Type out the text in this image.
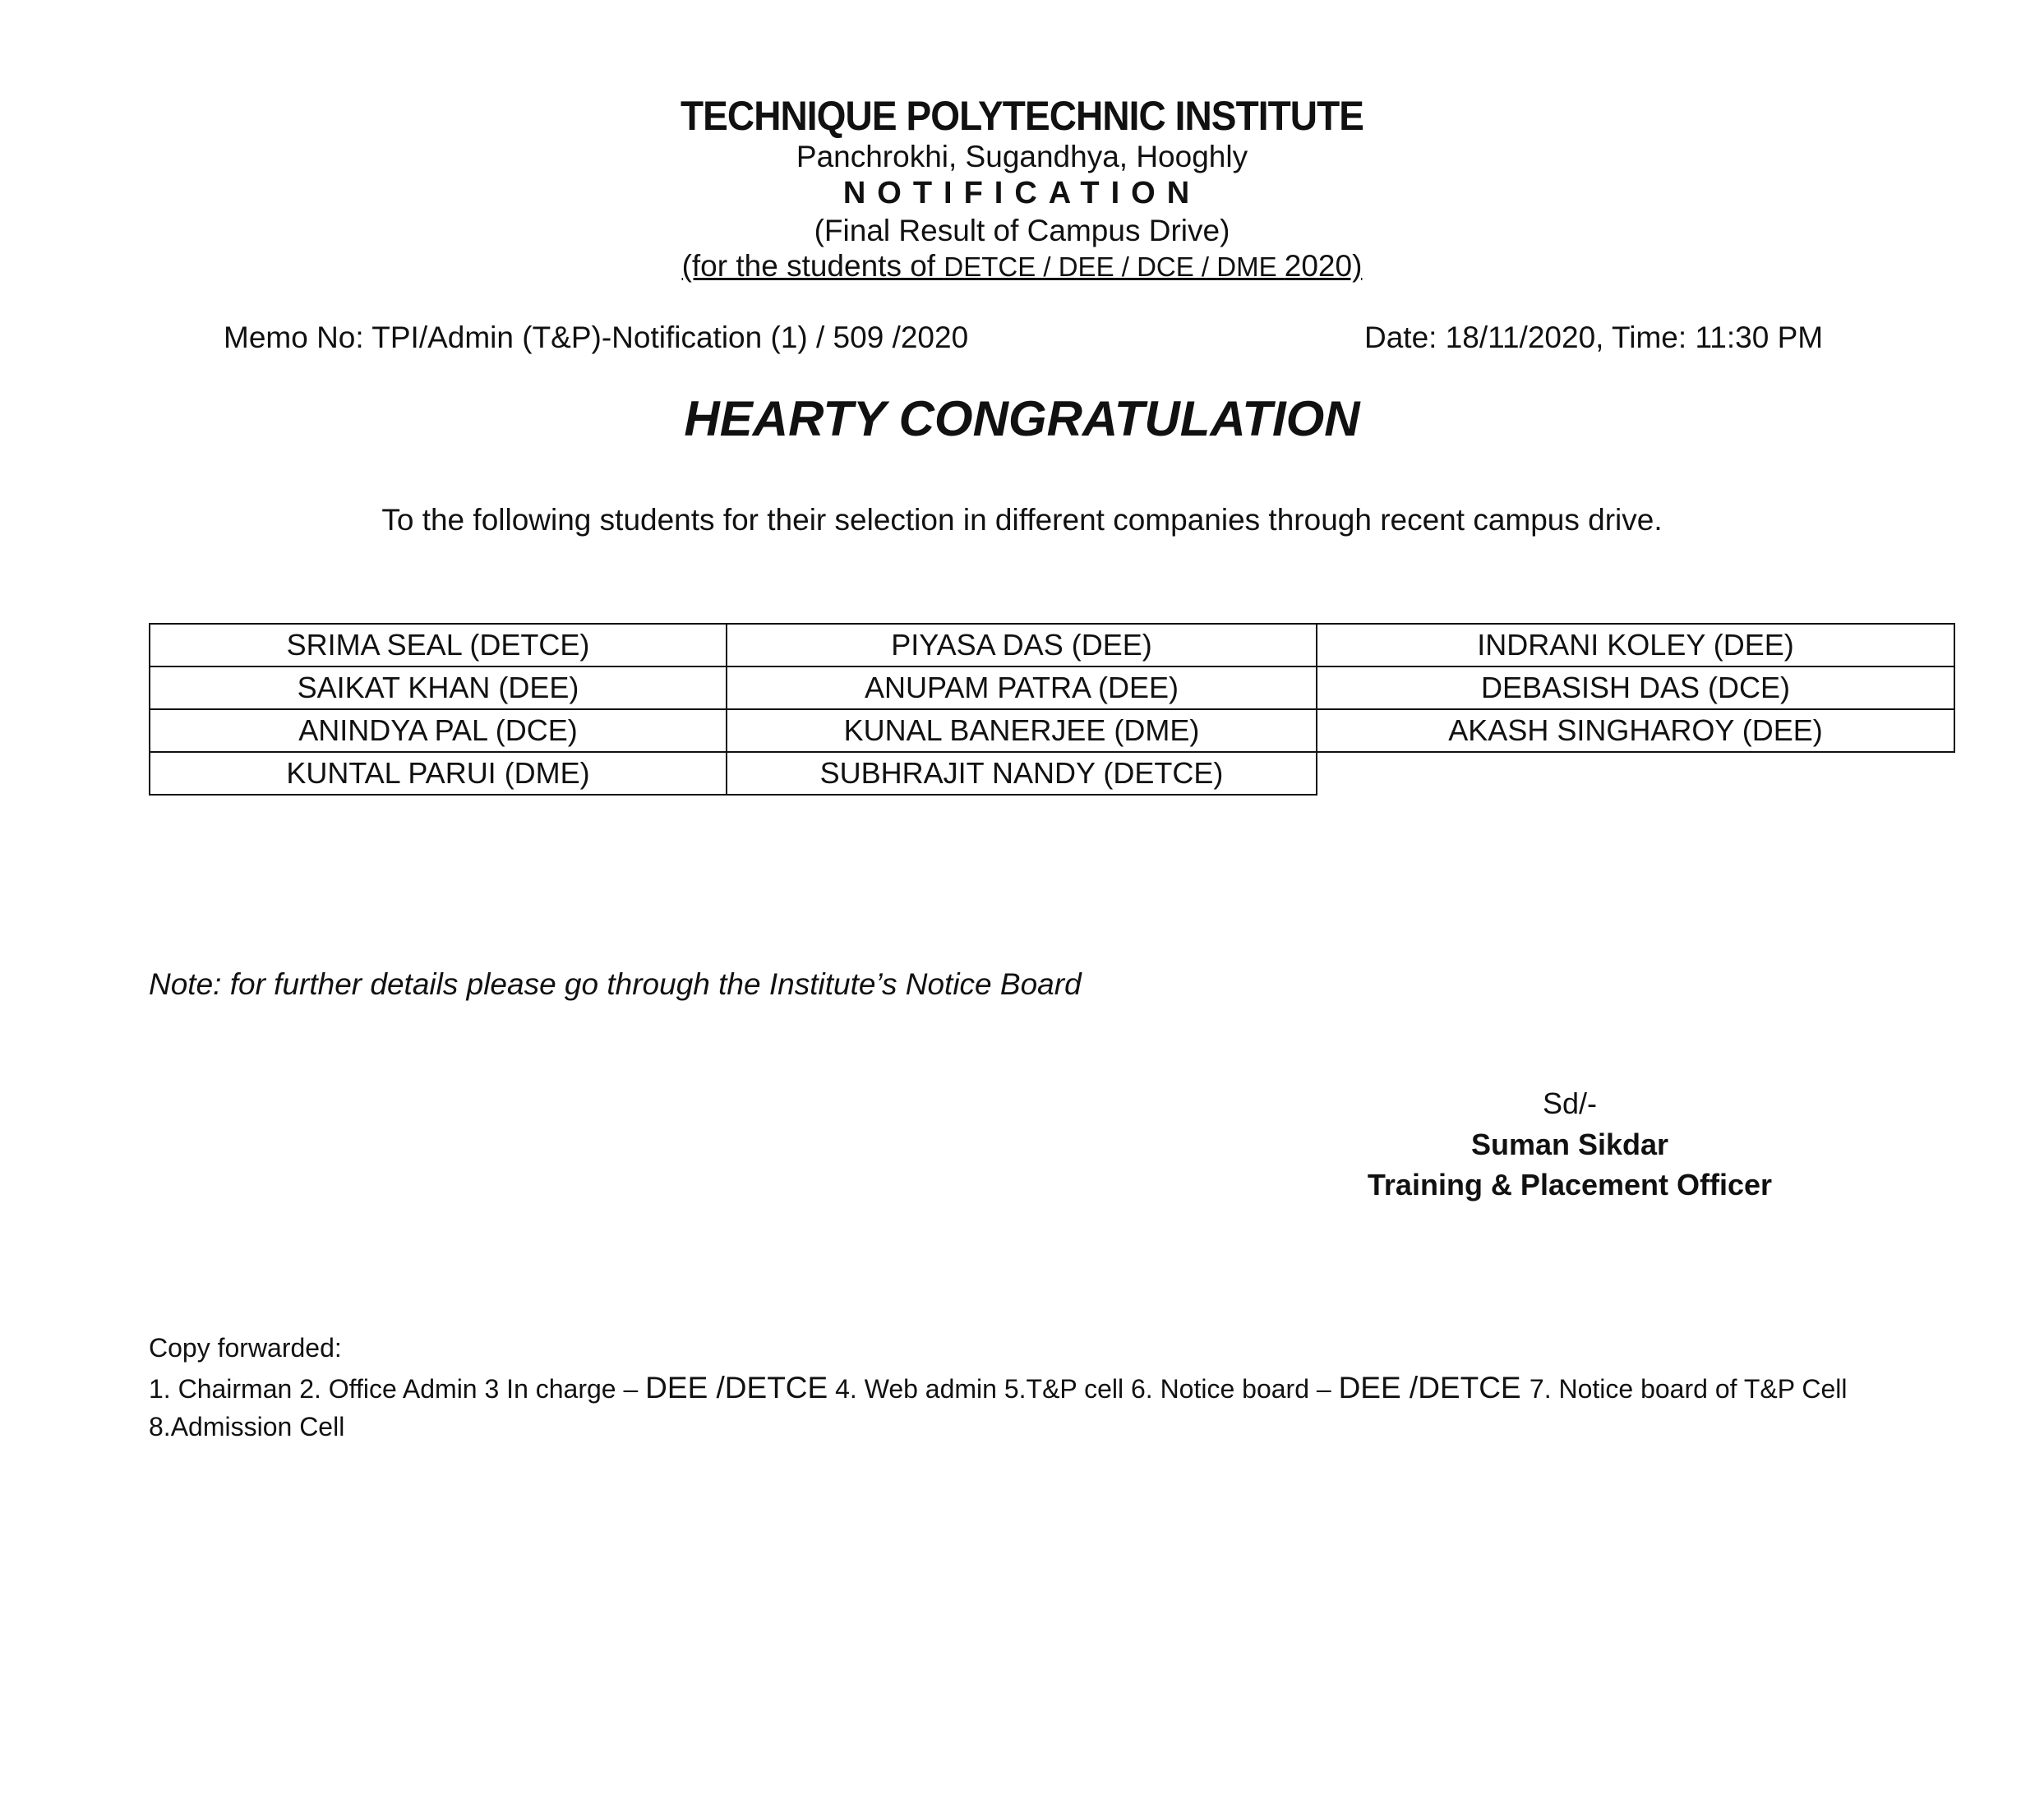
TECHNIQUE POLYTECHNIC INSTITUTE
Panchrokhi, Sugandhya, Hooghly
NOTIFICATION
(Final Result of Campus Drive)
(for the students of DETCE / DEE / DCE / DME 2020)
Memo No: TPI/Admin (T&P)-Notification (1) / 509 /2020	Date: 18/11/2020, Time: 11:30 PM
HEARTY CONGRATULATION
To the following students for their selection in different companies through recent campus drive.
SRIMA SEAL (DETCE)	PIYASA DAS (DEE)	INDRANI KOLEY (DEE)
SAIKAT KHAN (DEE)	ANUPAM PATRA (DEE)	DEBASISH DAS (DCE)
ANINDYA PAL (DCE)	KUNAL BANERJEE (DME)	AKASH SINGHAROY (DEE)
KUNTAL PARUI (DME)	SUBHRAJIT NANDY (DETCE)	
Note: for further details please go through the Institute’s Notice Board
Sd/-
Suman Sikdar
Training & Placement Officer
Copy forwarded:
1. Chairman 2. Office Admin 3 In charge – DEE /DETCE 4. Web admin 5.T&P cell 6. Notice board – DEE /DETCE 7. Notice board of T&P Cell 8.Admission Cell
